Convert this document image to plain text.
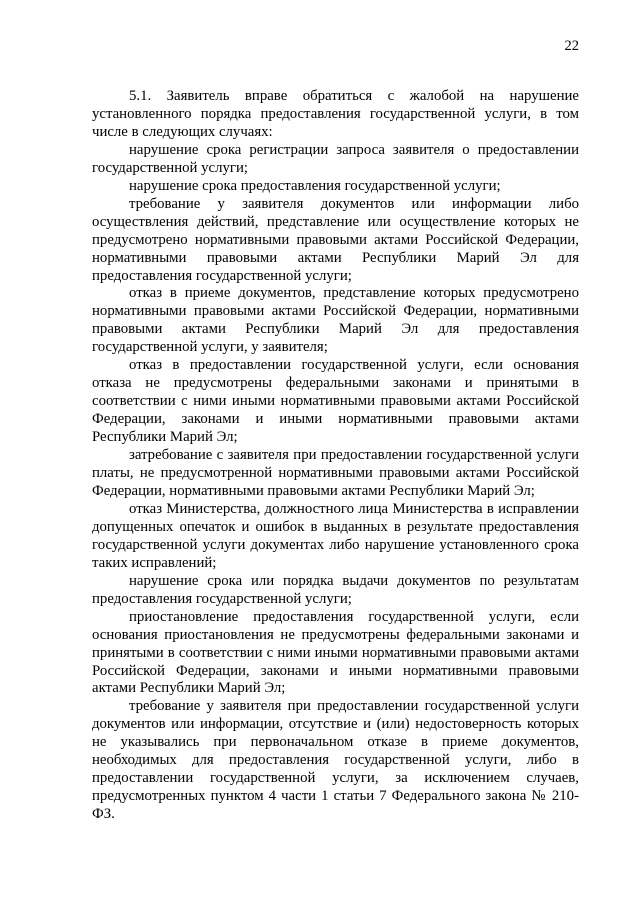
22

5.1. Заявитель вправе обратиться с жалобой на нарушение установленного порядка предоставления государственной услуги, в том числе в следующих случаях:

нарушение срока регистрации запроса заявителя о предоставлении государственной услуги;

нарушение срока предоставления государственной услуги;

требование у заявителя документов или информации либо осуществления действий, представление или осуществление которых не предусмотрено нормативными правовыми актами Российской Федерации, нормативными правовыми актами Республики Марий Эл для предоставления государственной услуги;

отказ в приеме документов, представление которых предусмотрено нормативными правовыми актами Российской Федерации, нормативными правовыми актами Республики Марий Эл для предоставления государственной услуги, у заявителя;

отказ в предоставлении государственной услуги, если основания отказа не предусмотрены федеральными законами и принятыми в соответствии с ними иными нормативными правовыми актами Российской Федерации, законами и иными нормативными правовыми актами Республики Марий Эл;

затребование с заявителя при предоставлении государственной услуги платы, не предусмотренной нормативными правовыми актами Российской Федерации, нормативными правовыми актами Республики Марий Эл;

отказ Министерства, должностного лица Министерства в исправлении допущенных опечаток и ошибок в выданных в результате предоставления государственной услуги документах либо нарушение установленного срока таких исправлений;

нарушение срока или порядка выдачи документов по результатам предоставления государственной услуги;

приостановление предоставления государственной услуги, если основания приостановления не предусмотрены федеральными законами и принятыми в соответствии с ними иными нормативными правовыми актами Российской Федерации, законами и иными нормативными правовыми актами Республики Марий Эл;

требование у заявителя при предоставлении государственной услуги документов или информации, отсутствие и (или) недостоверность которых не указывались при первоначальном отказе в приеме документов, необходимых для предоставления государственной услуги, либо в предоставлении государственной услуги, за исключением случаев, предусмотренных пунктом 4 части 1 статьи 7 Федерального закона № 210-ФЗ.
